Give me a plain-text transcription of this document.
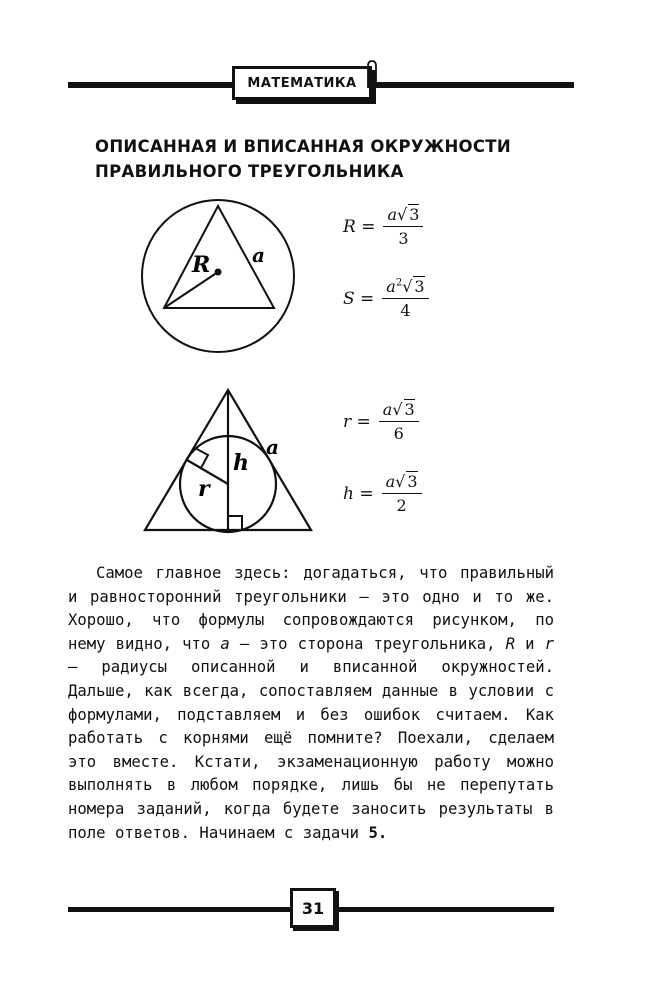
МАТЕМАТИКА
ОПИСАННАЯ И ВПИСАННАЯ ОКРУЖНОСТИ
ПРАВИЛЬНОГО ТРЕУГОЛЬНИКА
R a
h
r
a
$R = \frac{a√ 3}{3}$
$S = \frac{a^2√ 3}{4}$
$r = \frac{a√ 3}{6}$
$h = \frac{a√ 3}{2}$
Самое главное здесь: догадаться, что правильный и равносторонний треугольники — это одно и то же. Хорошо, что формулы сопровождаются рисунком, по нему видно, что a — это сторона треугольника, R и r — радиусы описанной и вписанной окружностей. Дальше, как всегда, сопоставляем данные в условии с формулами, подставляем и без ошибок считаем. Как работать с корнями ещё помните? Поехали, сделаем это вместе. Кстати, экзаменационную работу можно выполнять в любом порядке, лишь бы не перепутать номера заданий, когда будете заносить результаты в поле ответов. Начинаем с задачи 5.
31
